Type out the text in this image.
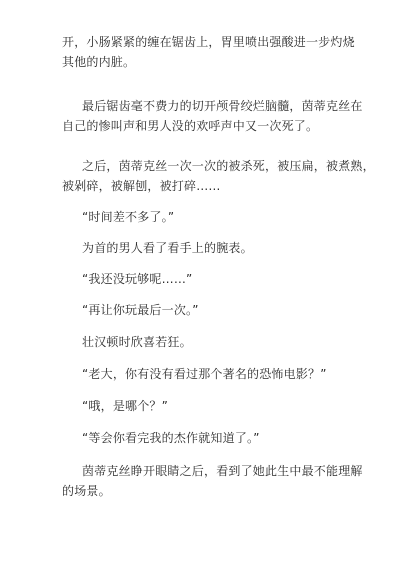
开，小肠紧紧的缠在锯齿上，胃里喷出强酸进一步灼烧
其他的内脏。

最后锯齿毫不费力的切开颅骨绞烂脑髓，茵蒂克丝在
自己的惨叫声和男人没的欢呼声中又一次死了。

之后，茵蒂克丝一次一次的被杀死，被压扁，被煮熟，
被剁碎，被解刨，被打碎……

“时间差不多了。”

为首的男人看了看手上的腕表。

“我还没玩够呢……”

“再让你玩最后一次。”

壮汉顿时欣喜若狂。

“老大，你有没有看过那个著名的恐怖电影？”

“哦，是哪个？”

“等会你看完我的杰作就知道了。”

茵蒂克丝睁开眼睛之后，看到了她此生中最不能理解
的场景。
